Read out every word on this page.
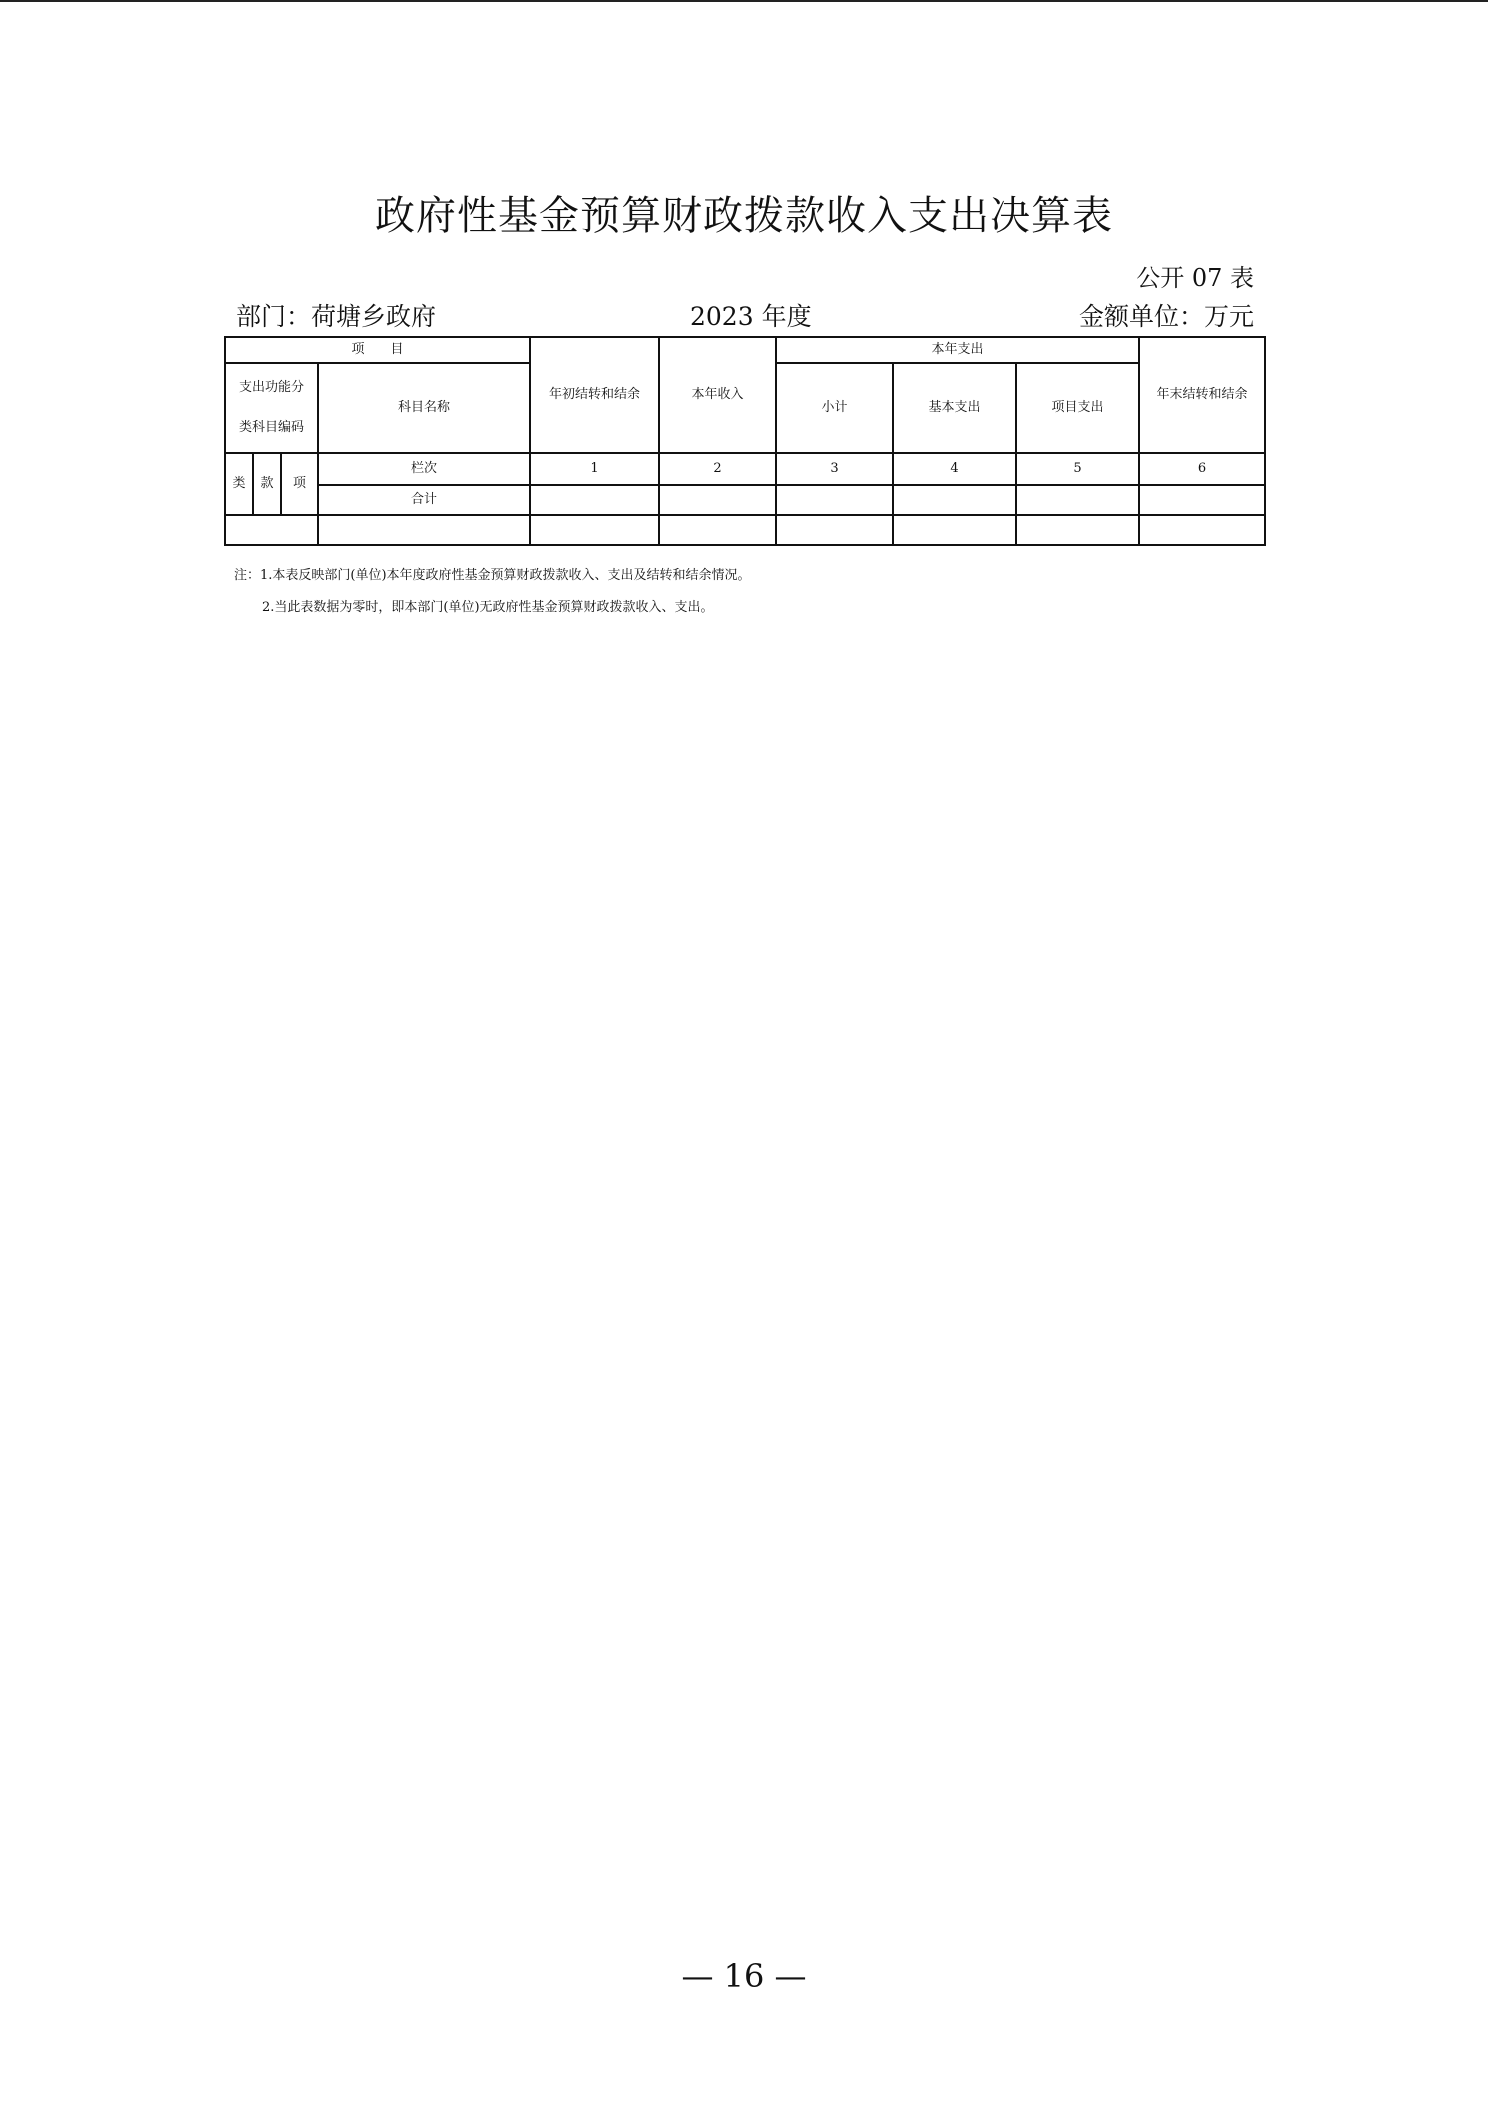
政府性基金预算财政拨款收入支出决算表
公开 07 表
部门：荷塘乡政府	2023 年度	金额单位：万元
项　　目				年初结转和结余	本年收入	本年支出			年末结转和结余

支出功能分
类科目编码			科目名称			小计	基本支出	项目支出	
类	款	项	栏次	1	2	3	4	5	6
			合计						

注：1.本表反映部门(单位)本年度政府性基金预算财政拨款收入、支出及结转和结余情况。
2.当此表数据为零时，即本部门(单位)无政府性基金预算财政拨款收入、支出。
— 16 —
